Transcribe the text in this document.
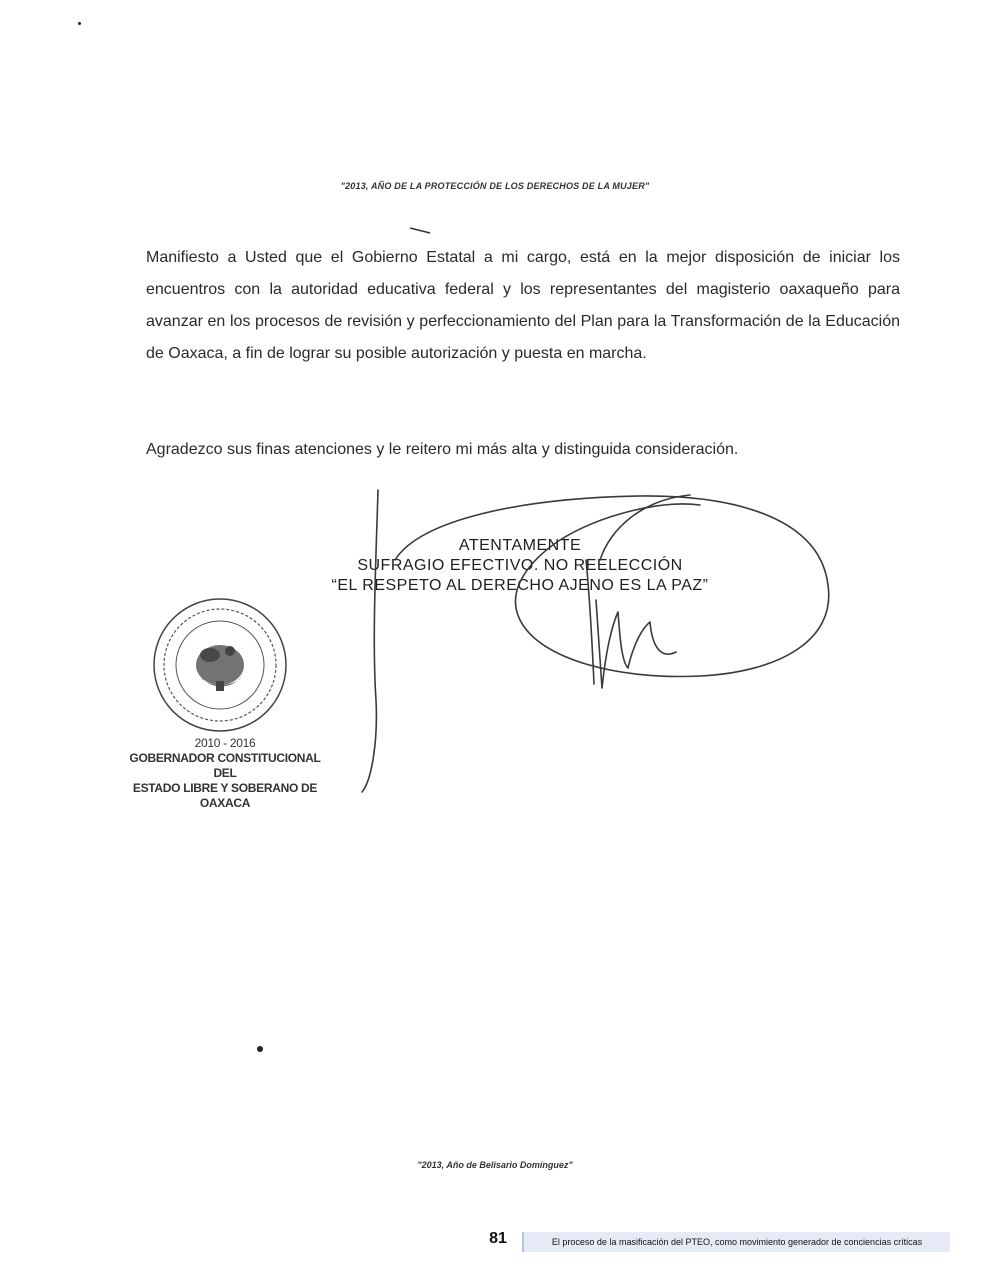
"2013, AÑO DE LA PROTECCIÓN DE LOS DERECHOS DE LA MUJER"
Manifiesto a Usted que el Gobierno Estatal a mi cargo, está en la mejor disposición de iniciar los encuentros con la autoridad educativa federal y los representantes del magisterio oaxaqueño para avanzar en los procesos de revisión y perfeccionamiento del Plan para la Transformación de la Educación de Oaxaca, a fin de lograr su posible autorización y puesta en marcha.
Agradezco sus finas atenciones y le reitero mi más alta y distinguida consideración.
ATENTAMENTE
SUFRAGIO EFECTIVO. NO REELECCIÓN
“EL RESPETO AL DERECHO AJENO ES LA PAZ”
2010 - 2016
GOBERNADOR CONSTITUCIONAL DEL
ESTADO LIBRE Y SOBERANO DE OAXACA
"2013, Año de Belisario Domínguez"
81	El proceso de la masificación del PTEO, como movimiento generador de conciencias críticas
